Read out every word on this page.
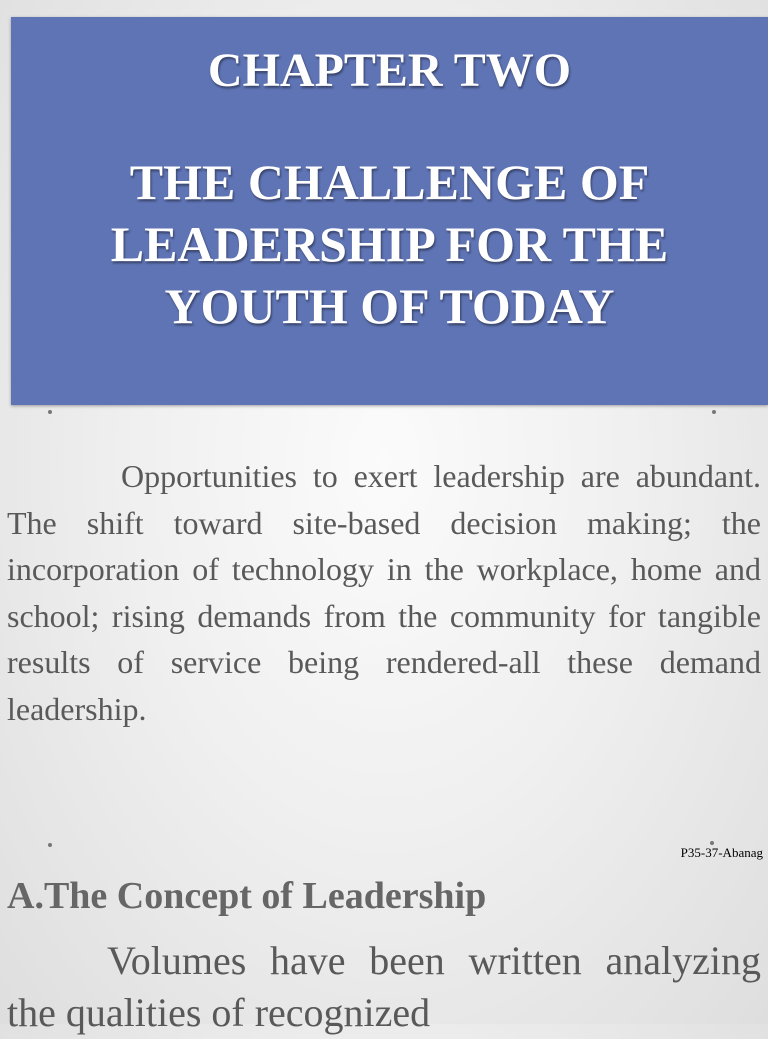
CHAPTER TWO
THE CHALLENGE OF
LEADERSHIP FOR THE
YOUTH OF TODAY

Opportunities to exert leadership are abundant. The shift toward site-based decision making; the incorporation of technology in the workplace, home and school; rising demands from the community for tangible results of service being rendered-all these demand leadership.

P35-37-Abanag
A.The Concept of Leadership

Volumes have been written analyzing the qualities of recognized
